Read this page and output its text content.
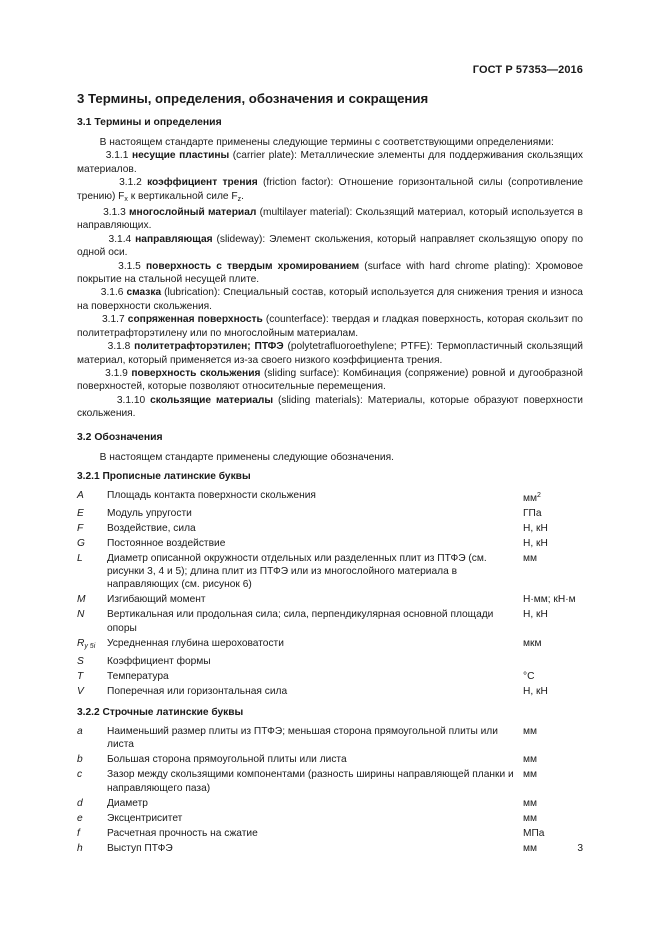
ГОСТ Р 57353—2016
3 Термины, определения, обозначения и сокращения
3.1 Термины и определения

В настоящем стандарте применены следующие термины с соответствующими определениями:

3.1.1 несущие пластины (carrier plate): Металлические элементы для поддерживания скользящих материалов.

3.1.2 коэффициент трения (friction factor): Отношение горизонтальной силы (сопротивление трению) $F_x$ к вертикальной силе $F_z$.

3.1.3 многослойный материал (multilayer material): Скользящий материал, который используется в направляющих.

3.1.4 направляющая (slideway): Элемент скольжения, который направляет скользящую опору по одной оси.

3.1.5 поверхность с твердым хромированием (surface with hard chrome plating): Хромовое покрытие на стальной несущей плите.

3.1.6 смазка (lubrication): Специальный состав, который используется для снижения трения и износа на поверхности скольжения.

3.1.7 сопряженная поверхность (counterface): твердая и гладкая поверхность, которая скользит по политетрафторэтилену или по многослойным материалам.

3.1.8 политетрафторэтилен; ПТФЭ (polytetrafluoroethylene; PTFE): Термопластичный скользящий материал, который применяется из-за своего низкого коэффициента трения.

3.1.9 поверхность скольжения (sliding surface): Комбинация (сопряжение) ровной и дугообразной поверхностей, которые позволяют относительные перемещения.

3.1.10 скользящие материалы (sliding materials): Материалы, которые образуют поверхности скольжения.

3.2 Обозначения

В настоящем стандарте применены следующие обозначения.

3.2.1 Прописные латинские буквы
A	Площадь контакта поверхности скольжения	$мм^2$
E	Модуль упругости	ГПа
F	Воздействие, сила	Н, кН
G	Постоянное воздействие	Н, кН
L	Диаметр описанной окружности отдельных или разделенных плит из ПТФЭ (см. рисунки 3, 4 и 5); длина плит из ПТФЭ или из многослойного материала в направляющих (см. рисунок 6)	мм
M	Изгибающий момент	Н·мм; кН·м
N	Вертикальная или продольная сила; сила, перпендикулярная основной площади опоры	Н, кН
$R_{y 5i}$	Усредненная глубина шероховатости	мкм
S	Коэффициент формы	
T	Температура	°C
V	Поперечная или горизонтальная сила	Н, кН
3.2.2 Строчные латинские буквы
a	Наименьший размер плиты из ПТФЭ; меньшая сторона прямоугольной плиты или листа	мм
b	Большая сторона прямоугольной плиты или листа	мм
c	Зазор между скользящими компонентами (разность ширины направляющей планки и направляющего паза)	мм
d	Диаметр	мм
e	Эксцентриситет	мм
f	Расчетная прочность на сжатие	МПа
h	Выступ ПТФЭ	мм	3
